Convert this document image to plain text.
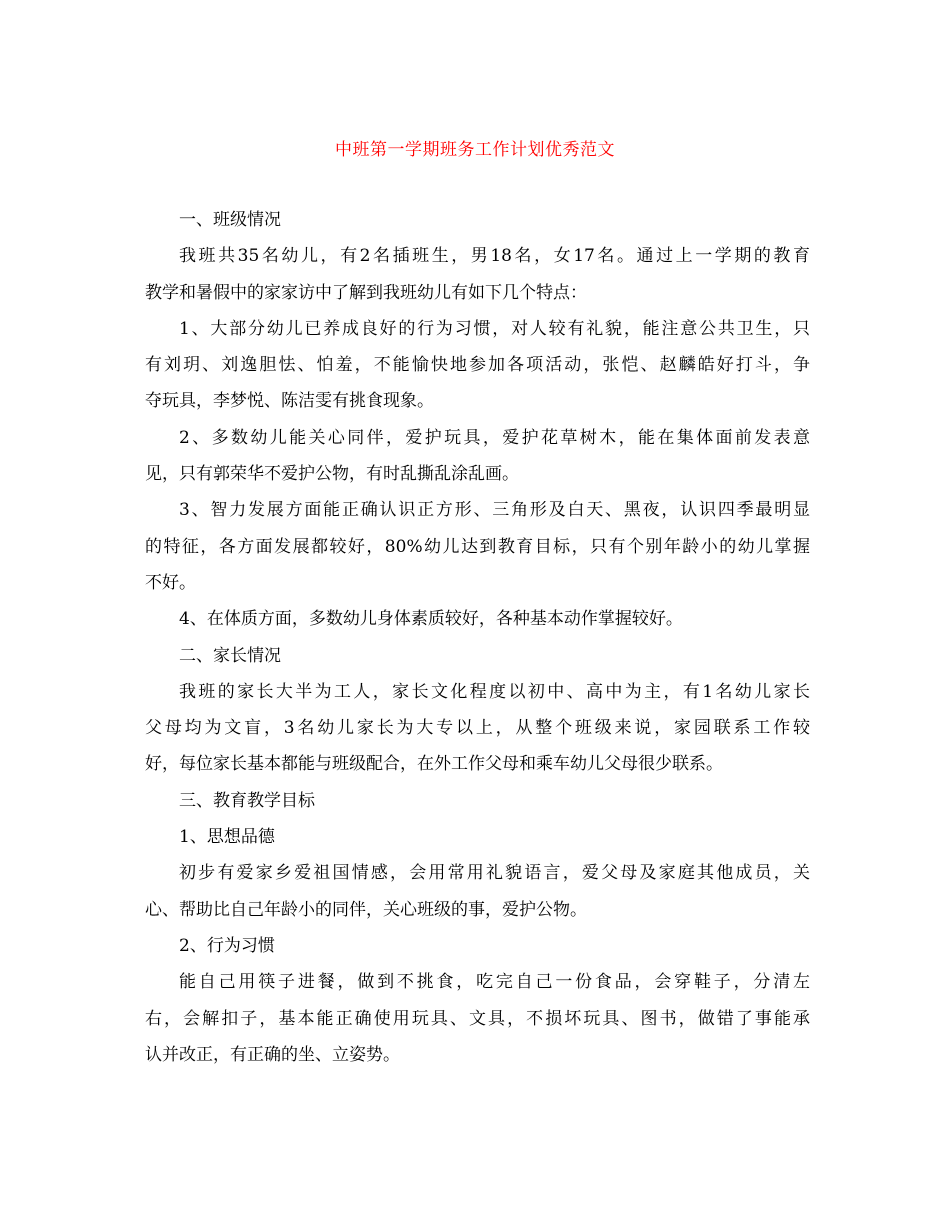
中班第一学期班务工作计划优秀范文
一、班级情况
我班共35名幼儿，有2名插班生，男18名，女17名。通过上一学期的教育
教学和暑假中的家家访中了解到我班幼儿有如下几个特点：
1、大部分幼儿已养成良好的行为习惯，对人较有礼貌，能注意公共卫生，只
有刘玥、刘逸胆怯、怕羞，不能愉快地参加各项活动，张恺、赵麟皓好打斗，争
夺玩具，李梦悦、陈洁雯有挑食现象。
2、多数幼儿能关心同伴，爱护玩具，爱护花草树木，能在集体面前发表意
见，只有郭荣华不爱护公物，有时乱撕乱涂乱画。
3、智力发展方面能正确认识正方形、三角形及白天、黑夜，认识四季最明显
的特征，各方面发展都较好，80%幼儿达到教育目标，只有个别年龄小的幼儿掌握
不好。
4、在体质方面，多数幼儿身体素质较好，各种基本动作掌握较好。
二、家长情况
我班的家长大半为工人，家长文化程度以初中、高中为主，有1名幼儿家长
父母均为文盲，3名幼儿家长为大专以上，从整个班级来说，家园联系工作较
好，每位家长基本都能与班级配合，在外工作父母和乘车幼儿父母很少联系。
三、教育教学目标
1、思想品德
初步有爱家乡爱祖国情感，会用常用礼貌语言，爱父母及家庭其他成员，关
心、帮助比自己年龄小的同伴，关心班级的事，爱护公物。
2、行为习惯
能自己用筷子进餐，做到不挑食，吃完自己一份食品，会穿鞋子，分清左
右，会解扣子，基本能正确使用玩具、文具，不损坏玩具、图书，做错了事能承
认并改正，有正确的坐、立姿势。
